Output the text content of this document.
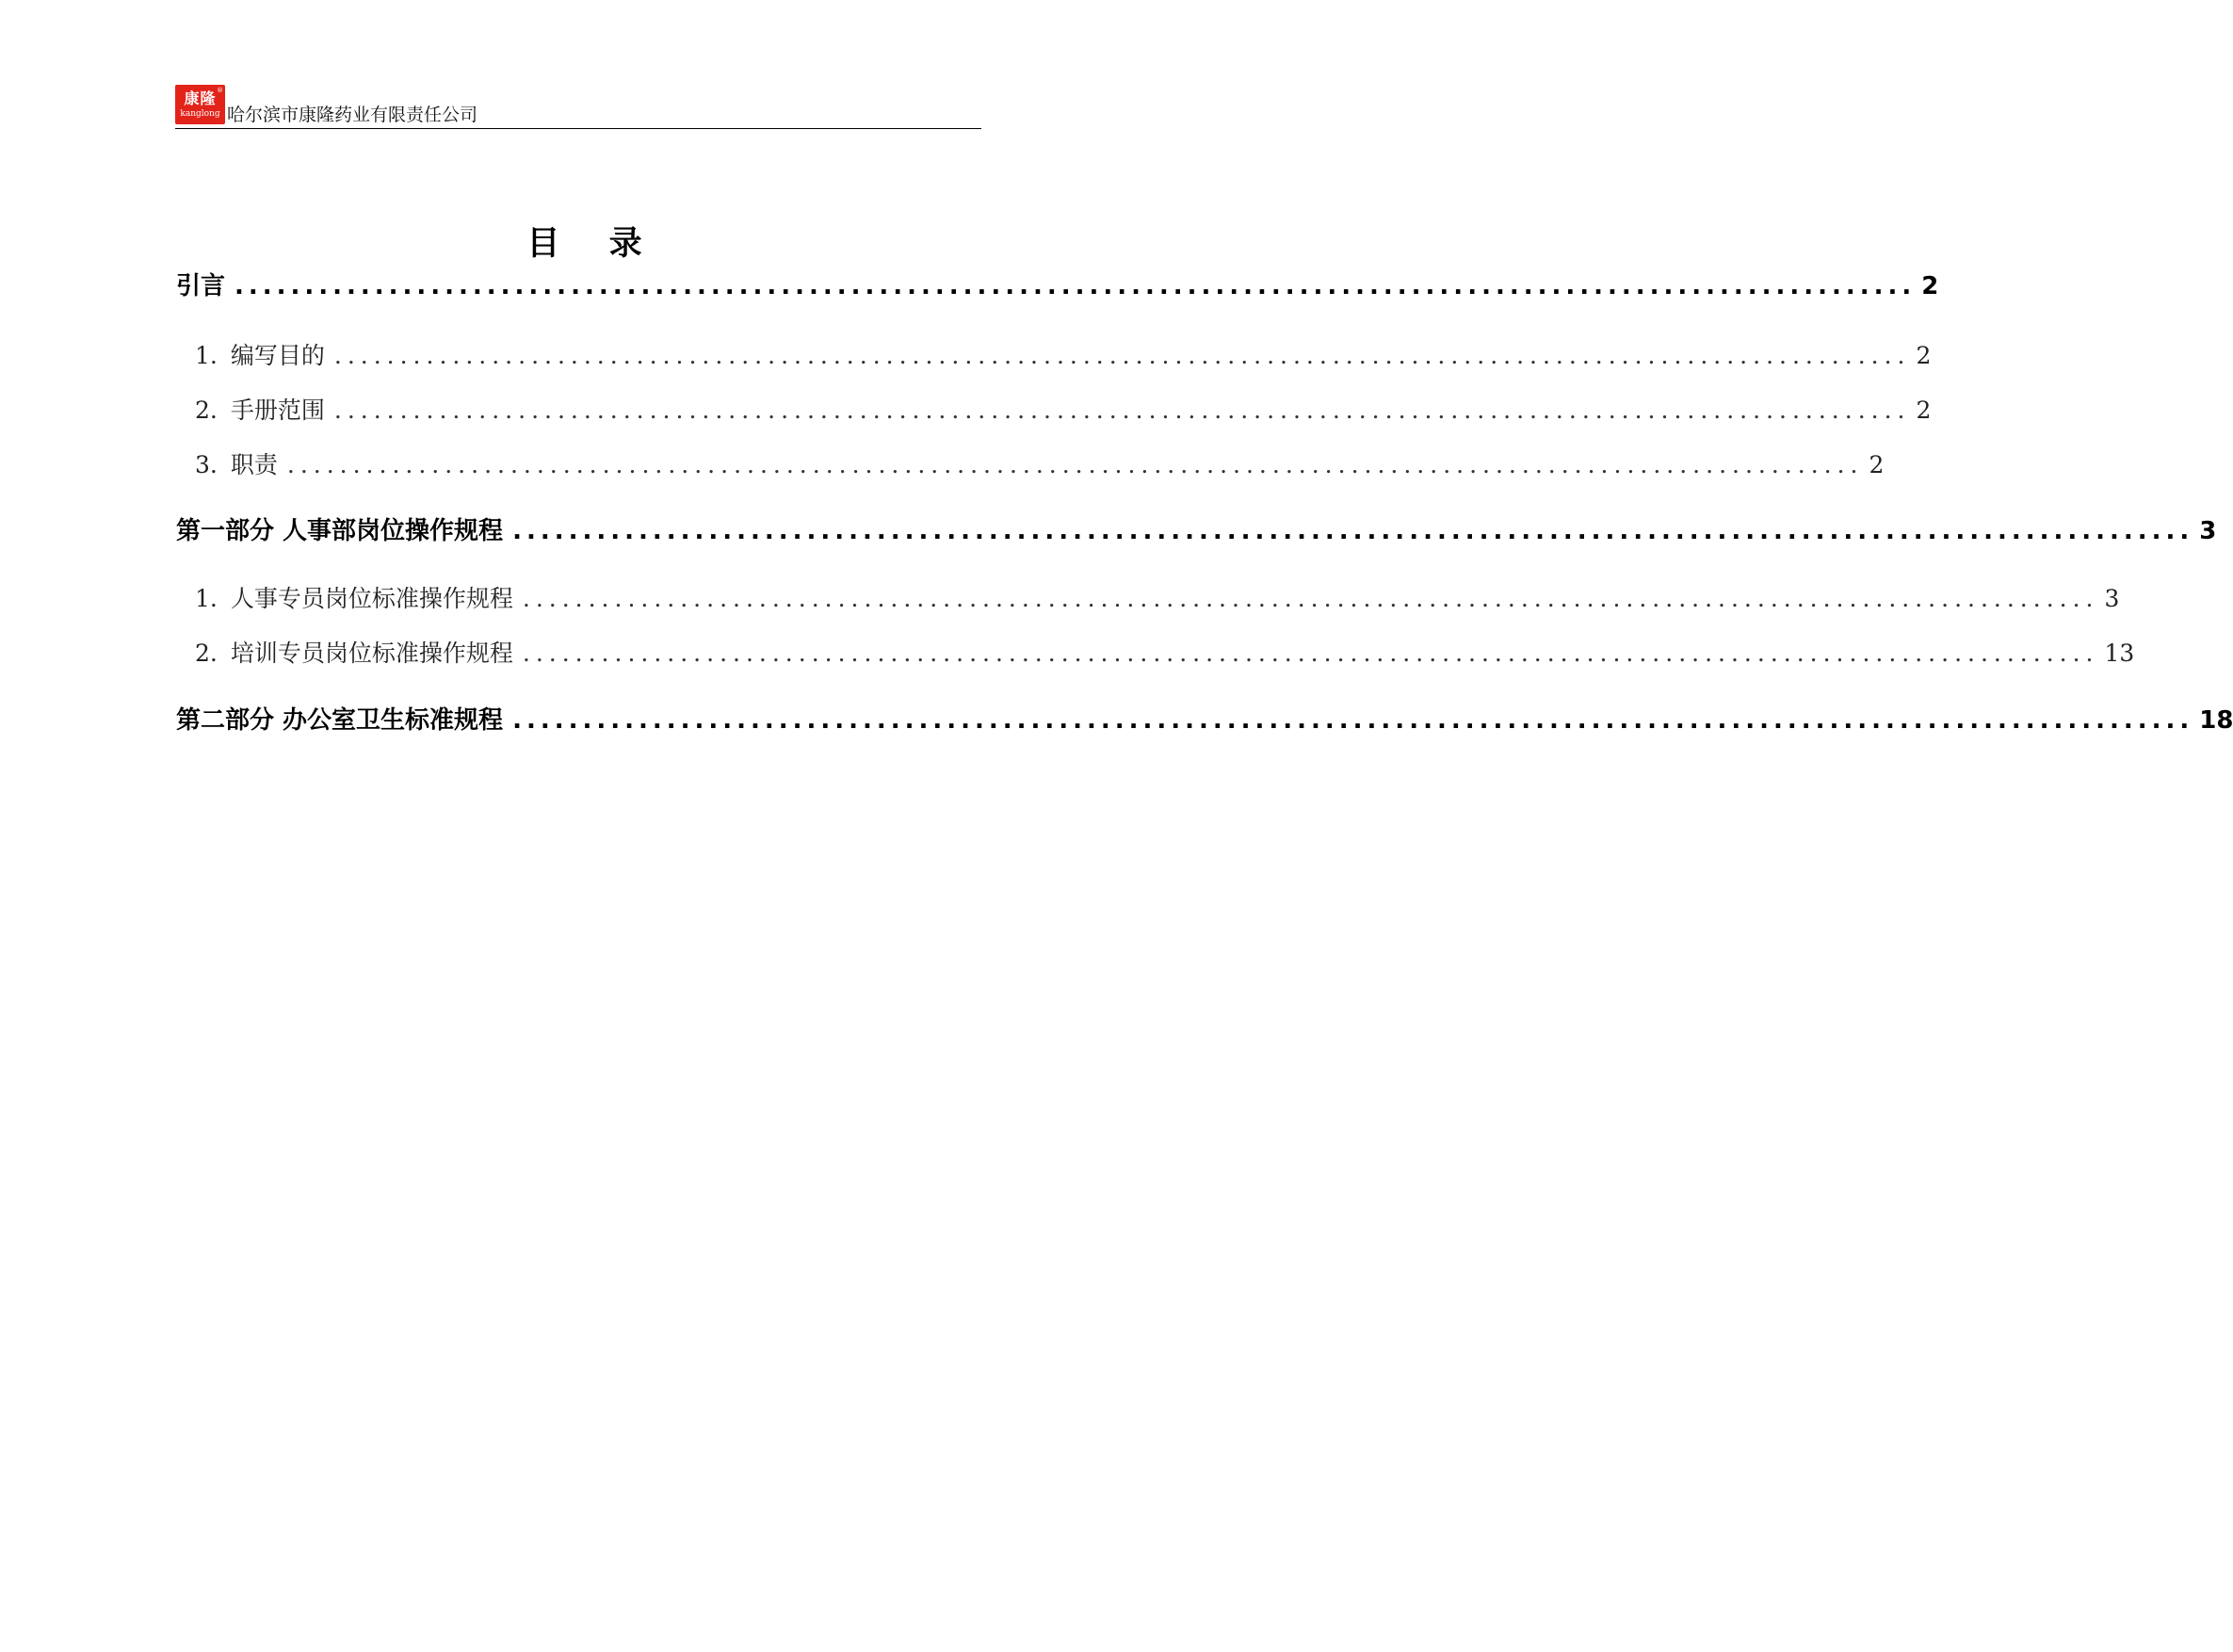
®
康隆
kanglong 哈尔滨市康隆药业有限责任公司
目 录
引言 ........................................................................................................................ 2
1. 编写目的 ........................................................................................................................ 2
2. 手册范围 ........................................................................................................................ 2
3. 职责 ........................................................................................................................ 2
第一部分 人事部岗位操作规程 ........................................................................................................................ 3
1. 人事专员岗位标准操作规程 ........................................................................................................................ 3
2. 培训专员岗位标准操作规程 ........................................................................................................................ 13
第二部分 办公室卫生标准规程 ........................................................................................................................ 18
